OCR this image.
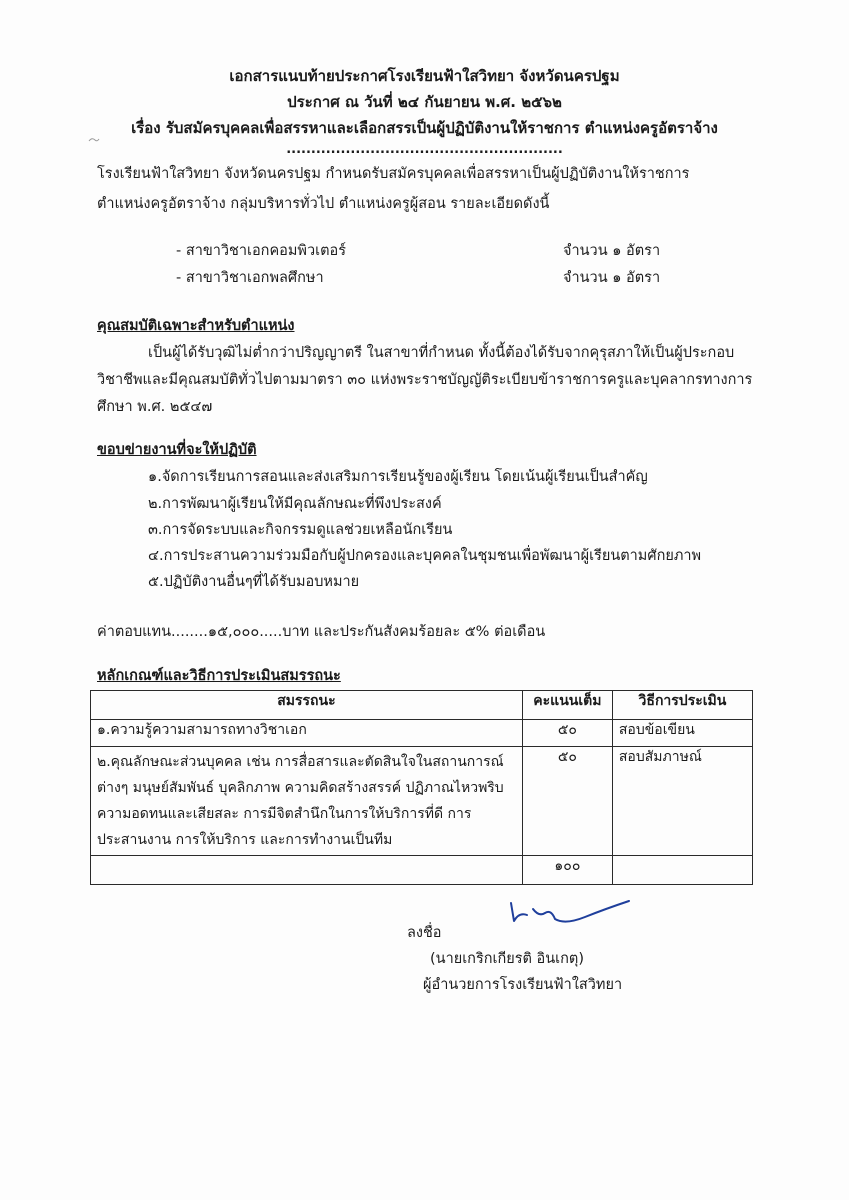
เอกสารแนบท้ายประกาศโรงเรียนฟ้าใสวิทยา จังหวัดนครปฐม
ประกาศ ณ วันที่ ๒๔ กันยายน พ.ศ. ๒๕๖๒
เรื่อง รับสมัครบุคคลเพื่อสรรหาและเลือกสรรเป็นผู้ปฏิบัติงานให้ราชการ ตำแหน่งครูอัตราจ้าง
........................................................
โรงเรียนฟ้าใสวิทยา จังหวัดนครปฐม กำหนดรับสมัครบุคคลเพื่อสรรหาเป็นผู้ปฏิบัติงานให้ราชการ
ตำแหน่งครูอัตราจ้าง กลุ่มบริหารทั่วไป ตำแหน่งครูผู้สอน รายละเอียดดังนี้
- สาขาวิชาเอกคอมพิวเตอร์	จำนวน ๑ อัตรา
- สาขาวิชาเอกพลศึกษา	จำนวน ๑ อัตรา
คุณสมบัติเฉพาะสำหรับตำแหน่ง
เป็นผู้ได้รับวุฒิไม่ต่ำกว่าปริญญาตรี ในสาขาที่กำหนด ทั้งนี้ต้องได้รับจากคุรุสภาให้เป็นผู้ประกอบ
วิชาชีพและมีคุณสมบัติทั่วไปตามมาตรา ๓๐ แห่งพระราชบัญญัติระเบียบข้าราชการครูและบุคลากรทางการ
ศึกษา พ.ศ. ๒๕๔๗
ขอบข่ายงานที่จะให้ปฏิบัติ
๑.จัดการเรียนการสอนและส่งเสริมการเรียนรู้ของผู้เรียน โดยเน้นผู้เรียนเป็นสำคัญ
๒.การพัฒนาผู้เรียนให้มีคุณลักษณะที่พึงประสงค์
๓.การจัดระบบและกิจกรรมดูแลช่วยเหลือนักเรียน
๔.การประสานความร่วมมือกับผู้ปกครองและบุคคลในชุมชนเพื่อพัฒนาผู้เรียนตามศักยภาพ
๕.ปฏิบัติงานอื่นๆที่ได้รับมอบหมาย
ค่าตอบแทน........๑๕,๐๐๐.....บาท และประกันสังคมร้อยละ ๕% ต่อเดือน
หลักเกณฑ์และวิธีการประเมินสมรรถนะ
สมรรถนะ	คะแนนเต็ม	วิธีการประเมิน
๑.ความรู้ความสามารถทางวิชาเอก	๕๐	สอบข้อเขียน

๒.คุณลักษณะส่วนบุคคล เช่น การสื่อสารและตัดสินใจในสถานการณ์
ต่างๆ มนุษย์สัมพันธ์ บุคลิกภาพ ความคิดสร้างสรรค์ ปฏิภาณไหวพริบ
ความอดทนและเสียสละ การมีจิตสำนึกในการให้บริการที่ดี การ
ประสานงาน การให้บริการ และการทำงานเป็นทีม	๕๐	สอบสัมภาษณ์
	๑๐๐	
ลงชื่อ
(นายเกริกเกียรติ อินเกตุ)
ผู้อำนวยการโรงเรียนฟ้าใสวิทยา
